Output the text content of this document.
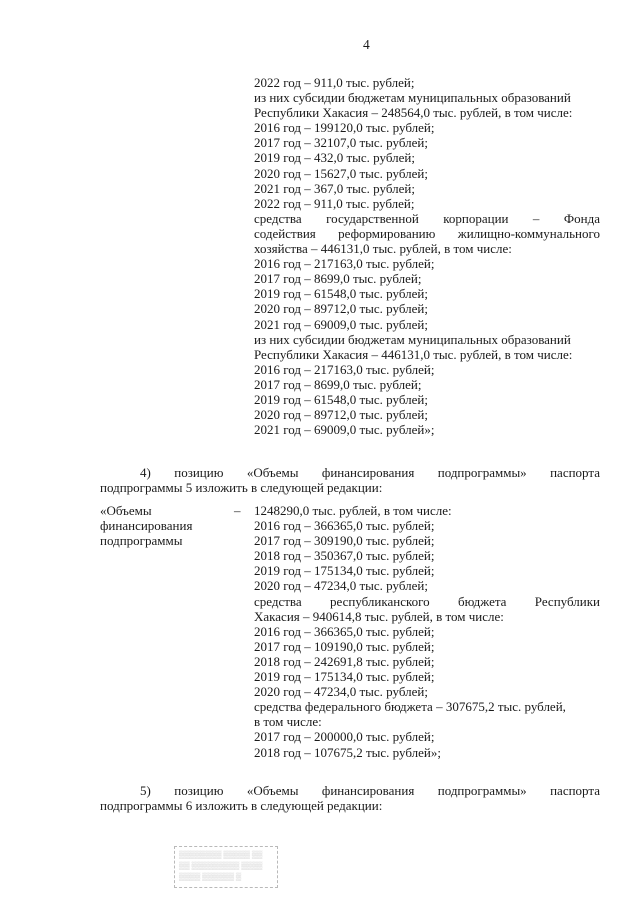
4
2022 год – 911,0 тыс. рублей;
из них субсидии бюджетам муниципальных образований
Республики Хакасия – 248564,0 тыс. рублей, в том числе:
2016 год – 199120,0 тыс. рублей;
2017 год – 32107,0 тыс. рублей;
2019 год – 432,0 тыс. рублей;
2020 год – 15627,0 тыс. рублей;
2021 год – 367,0 тыс. рублей;
2022 год – 911,0 тыс. рублей;
средства государственной корпорации – Фонда
содействия реформированию жилищно-коммунального
хозяйства – 446131,0 тыс. рублей, в том числе:
2016 год – 217163,0 тыс. рублей;
2017 год – 8699,0 тыс. рублей;
2019 год – 61548,0 тыс. рублей;
2020 год – 89712,0 тыс. рублей;
2021 год – 69009,0 тыс. рублей;
из них субсидии бюджетам муниципальных образований
Республики Хакасия – 446131,0 тыс. рублей, в том числе:
2016 год – 217163,0 тыс. рублей;
2017 год – 8699,0 тыс. рублей;
2019 год – 61548,0 тыс. рублей;
2020 год – 89712,0 тыс. рублей;
2021 год – 69009,0 тыс. рублей»;
4) позицию «Объемы финансирования подпрограммы» паспорта
подпрограммы 5 изложить в следующей редакции:
«Объемы
финансирования
подпрограммы
– 1248290,0 тыс. рублей, в том числе:
2016 год – 366365,0 тыс. рублей;
2017 год – 309190,0 тыс. рублей;
2018 год – 350367,0 тыс. рублей;
2019 год – 175134,0 тыс. рублей;
2020 год – 47234,0 тыс. рублей;
средства республиканского бюджета Республики
Хакасия – 940614,8 тыс. рублей, в том числе:
2016 год – 366365,0 тыс. рублей;
2017 год – 109190,0 тыс. рублей;
2018 год – 242691,8 тыс. рублей;
2019 год – 175134,0 тыс. рублей;
2020 год – 47234,0 тыс. рублей;
средства федерального бюджета – 307675,2 тыс. рублей,
в том числе:
2017 год – 200000,0 тыс. рублей;
2018 год – 107675,2 тыс. рублей»;
5) позицию «Объемы финансирования подпрограммы» паспорта
подпрограммы 6 изложить в следующей редакции:
▒▒▒▒▒▒▒▒ ▒▒▒▒▒ ▒▒
▒▒ ▒▒▒▒▒▒▒▒▒ ▒▒▒▒
▒▒▒▒ ▒▒▒▒▒▒ ▒
